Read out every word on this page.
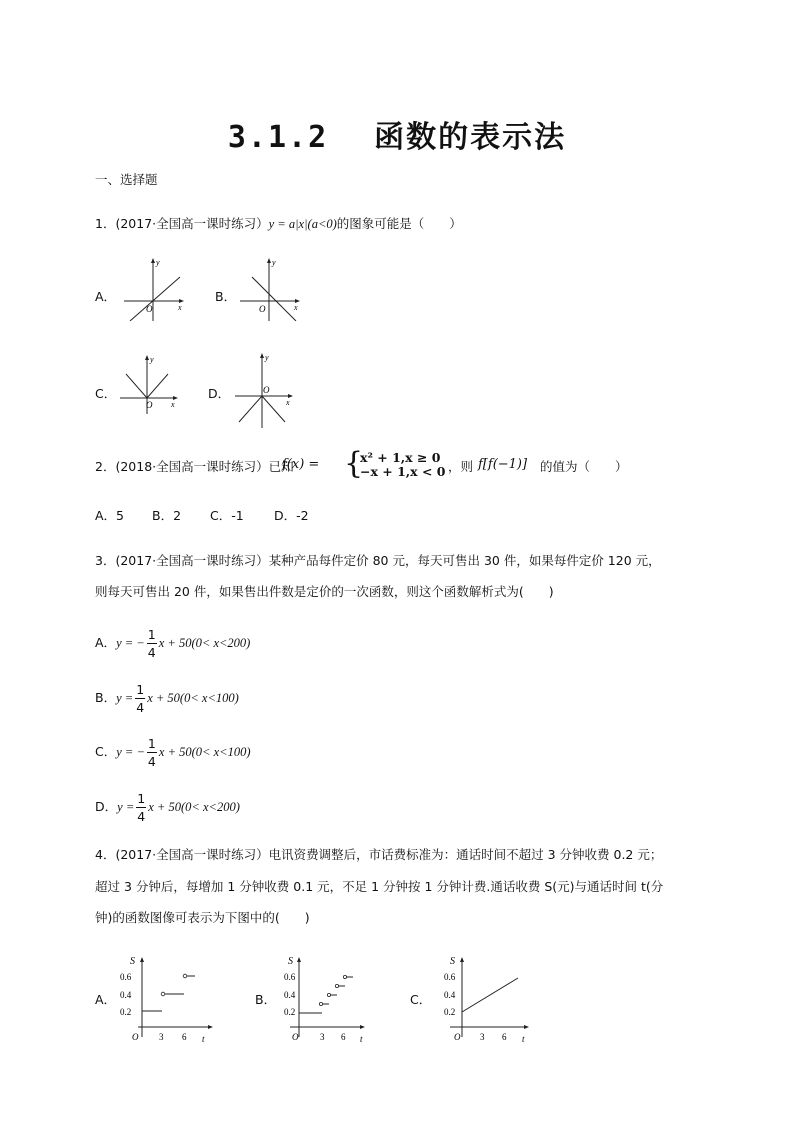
3.1.2 函数的表示法
一、选择题
1．(2017·全国高一课时练习）y = a|x|(a<0)的图象可能是（　　）
A．
y
x
O
B．
y
x
O
C．
y
x
O
D．
y
x
O
2．(2018·全国高一课时练习）已知
f(x) = {
x² + 1,x ≥ 0
−x + 1,x < 0 ，则 f[f(−1)] 的值为（　　）
A．5 B．2 C．-1 D．-2
3．(2017·全国高一课时练习）某种产品每件定价 80 元，每天可售出 30 件，如果每件定价 120 元，
则每天可售出 20 件，如果售出件数是定价的一次函数，则这个函数解析式为(　　)
A．y = − $\frac{1}{4}$ x + 50(0< x<200)
B．$y = \frac{1}{4}$ x + 50(0< x<100)
C．y = − $\frac{1}{4}$ x + 50(0< x<100)
D．$y = \frac{1}{4}$ x + 50(0< x<200)
4．(2017·全国高一课时练习）电讯资费调整后，市话费标准为：通话时间不超过 3 分钟收费 0.2 元；
超过 3 分钟后，每增加 1 分钟收费 0.1 元，不足 1 分钟按 1 分钟计费.通话收费 S(元)与通话时间 t(分
钟)的函数图像可表示为下图中的(　　)
A．
S
0.6
0.4
0.2
O 3 6 t
B．
S
0.6
0.4
0.2
O 3 6 t
C．
S
0.6
0.4
0.2
O 3 6 t
